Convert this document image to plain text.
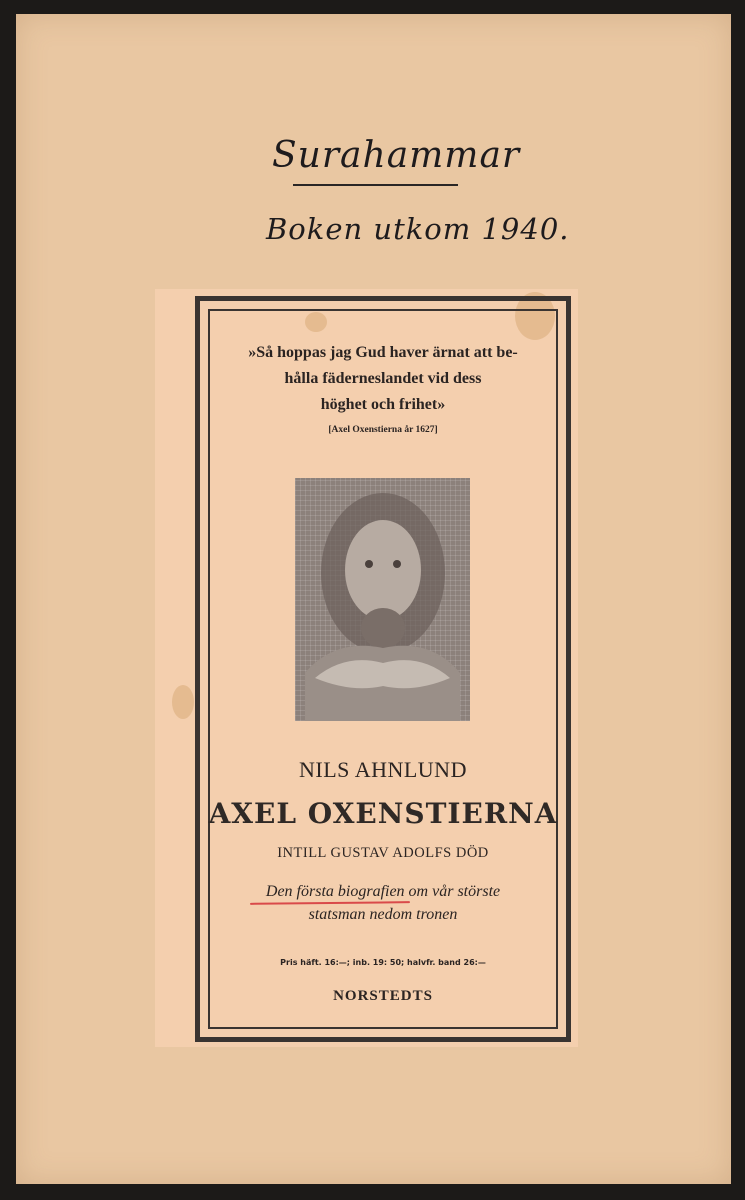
Surahammar
Boken utkom 1940.
»Så hoppas jag Gud haver ärnat att be-
hålla fäderneslandet vid dess
höghet och frihet»
[Axel Oxenstierna år 1627]
NILS AHNLUND
AXEL OXENSTIERNA
INTILL GUSTAV ADOLFS DÖD
Den första biografien om vår störste
statsman nedom tronen
Pris häft. 16:—; inb. 19: 50; halvfr. band 26:—
NORSTEDTS
